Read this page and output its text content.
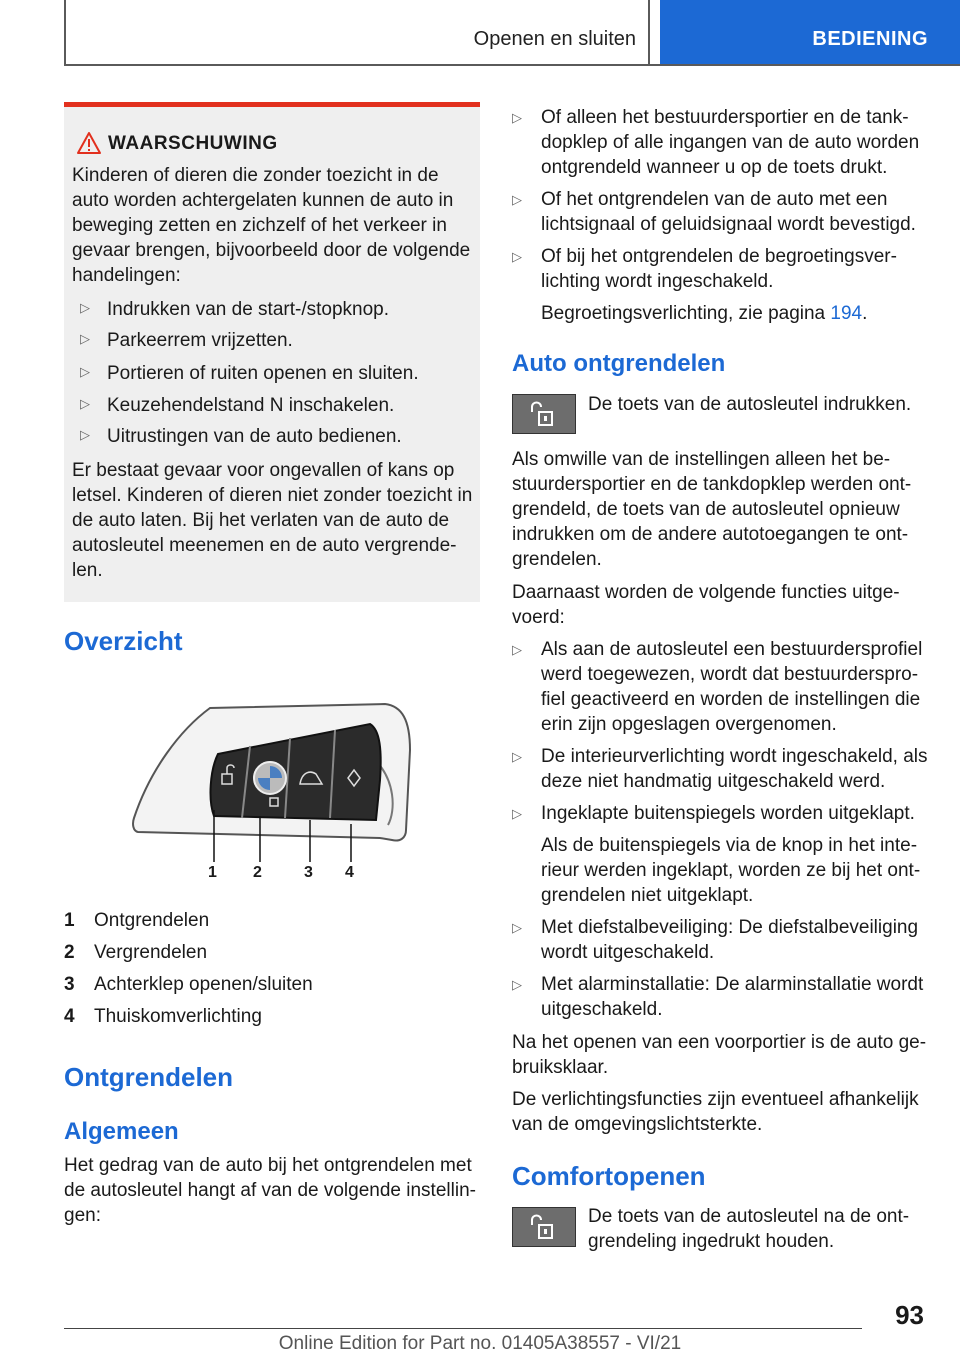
Openen en sluiten	BEDIENING
WAARSCHUWING

Kinderen of dieren die zonder toezicht in de auto worden achtergelaten kunnen de auto in beweging zetten en zichzelf of het verkeer in gevaar brengen, bijvoorbeeld door de volgende handelingen:

▷ Indrukken van de start-/stopknop.

▷ Parkeerrem vrijzetten.

▷ Portieren of ruiten openen en sluiten.

▷ Keuzehendelstand N inschakelen.

▷ Uitrustingen van de auto bedienen.

Er bestaat gevaar voor ongevallen of kans op letsel. Kinderen of dieren niet zonder toezicht in de auto laten. Bij het verlaten van de auto de autosleutel meenemen en de auto vergrende-len.

Overzicht
1 2	3 4
1 Ontgrendelen
2 Vergrendelen
3 Achterklep openen/sluiten
4 Thuiskomverlichting
Ontgrendelen
Algemeen

Het gedrag van de auto bij het ontgrendelen met de autosleutel hangt af van de volgende instellin-gen:

▷ Of alleen het bestuurdersportier en de tank-dopklep of alle ingangen van de auto worden ontgrendeld wanneer u op de toets drukt.

▷ Of het ontgrendelen van de auto met een lichtsignaal of geluidsignaal wordt bevestigd.

▷ Of bij het ontgrendelen de begroetingsver-lichting wordt ingeschakeld.

Begroetingsverlichting, zie pagina 194.

Auto ontgrendelen

De toets van de autosleutel indrukken.

Als omwille van de instellingen alleen het be-stuurdersportier en de tankdopklep werden ont-grendeld, de toets van de autosleutel opnieuw indrukken om de andere autotoegangen te ont-grendelen.

Daarnaast worden de volgende functies uitge-voerd:

▷ Als aan de autosleutel een bestuurdersprofiel werd toegewezen, wordt dat bestuurderspro-fiel geactiveerd en worden de instellingen die erin zijn opgeslagen overgenomen.

▷ De interieurverlichting wordt ingeschakeld, als deze niet handmatig uitgeschakeld werd.

▷ Ingeklapte buitenspiegels worden uitgeklapt.

Als de buitenspiegels via de knop in het inte-rieur werden ingeklapt, worden ze bij het ont-grendelen niet uitgeklapt.

▷ Met diefstalbeveiliging: De diefstalbeveiliging wordt uitgeschakeld.

▷ Met alarminstallatie: De alarminstallatie wordt uitgeschakeld.

Na het openen van een voorportier is de auto ge-bruiksklaar.

De verlichtingsfuncties zijn eventueel afhankelijk van de omgevingslichtsterkte.

Comfortopenen

De toets van de autosleutel na de ont-grendeling ingedrukt houden.

93
Online Edition for Part no. 01405A38557 - VI/21
